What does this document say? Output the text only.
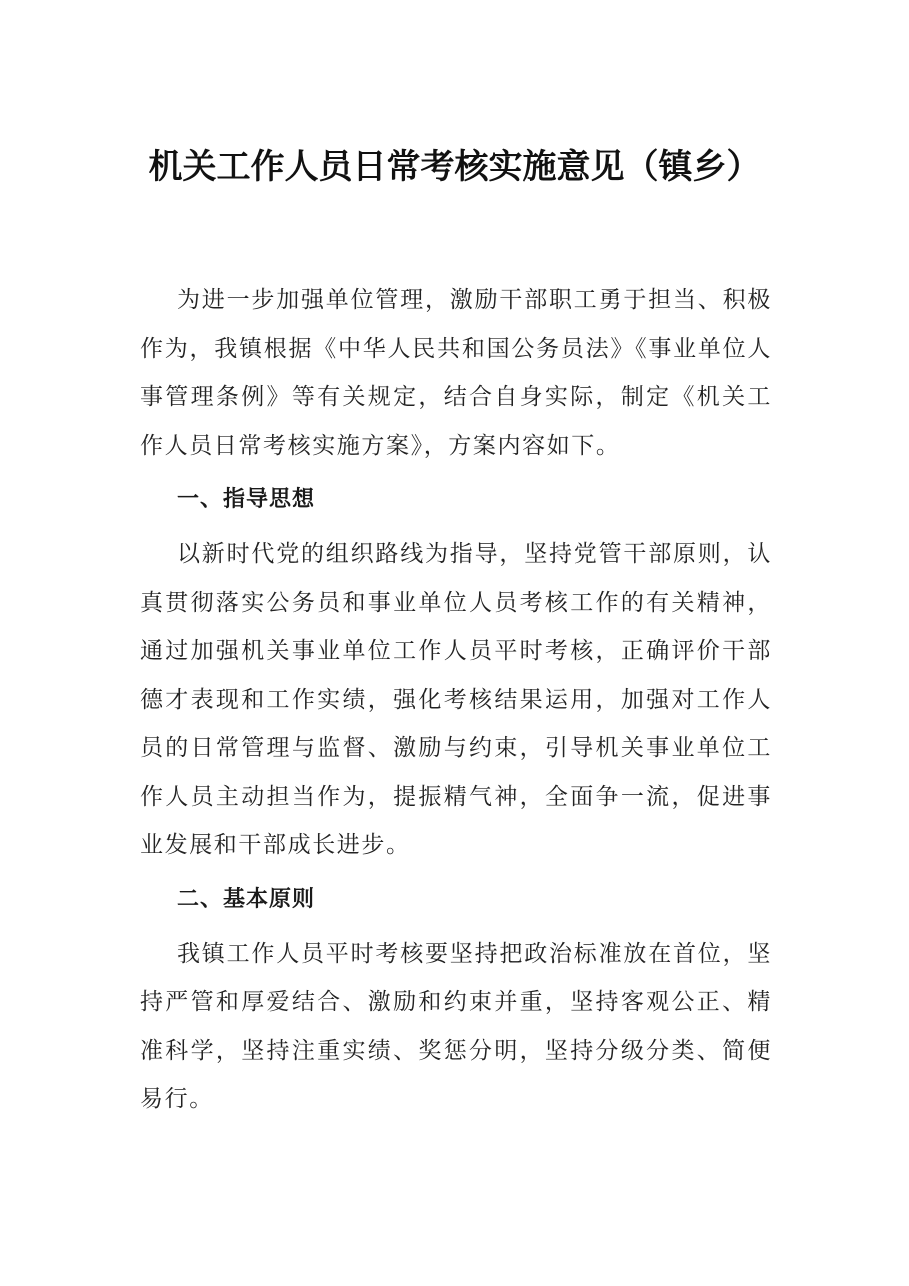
机关工作人员日常考核实施意见（镇乡）

为进一步加强单位管理，激励干部职工勇于担当、积极作为，我镇根据《中华人民共和国公务员法》《事业单位人事管理条例》等有关规定，结合自身实际，制定《机关工作人员日常考核实施方案》，方案内容如下。

一、指导思想

以新时代党的组织路线为指导，坚持党管干部原则，认真贯彻落实公务员和事业单位人员考核工作的有关精神，通过加强机关事业单位工作人员平时考核，正确评价干部德才表现和工作实绩，强化考核结果运用，加强对工作人员的日常管理与监督、激励与约束，引导机关事业单位工作人员主动担当作为，提振精气神，全面争一流，促进事业发展和干部成长进步。

二、基本原则

我镇工作人员平时考核要坚持把政治标准放在首位，坚持严管和厚爱结合、激励和约束并重，坚持客观公正、精准科学，坚持注重实绩、奖惩分明，坚持分级分类、简便易行。
